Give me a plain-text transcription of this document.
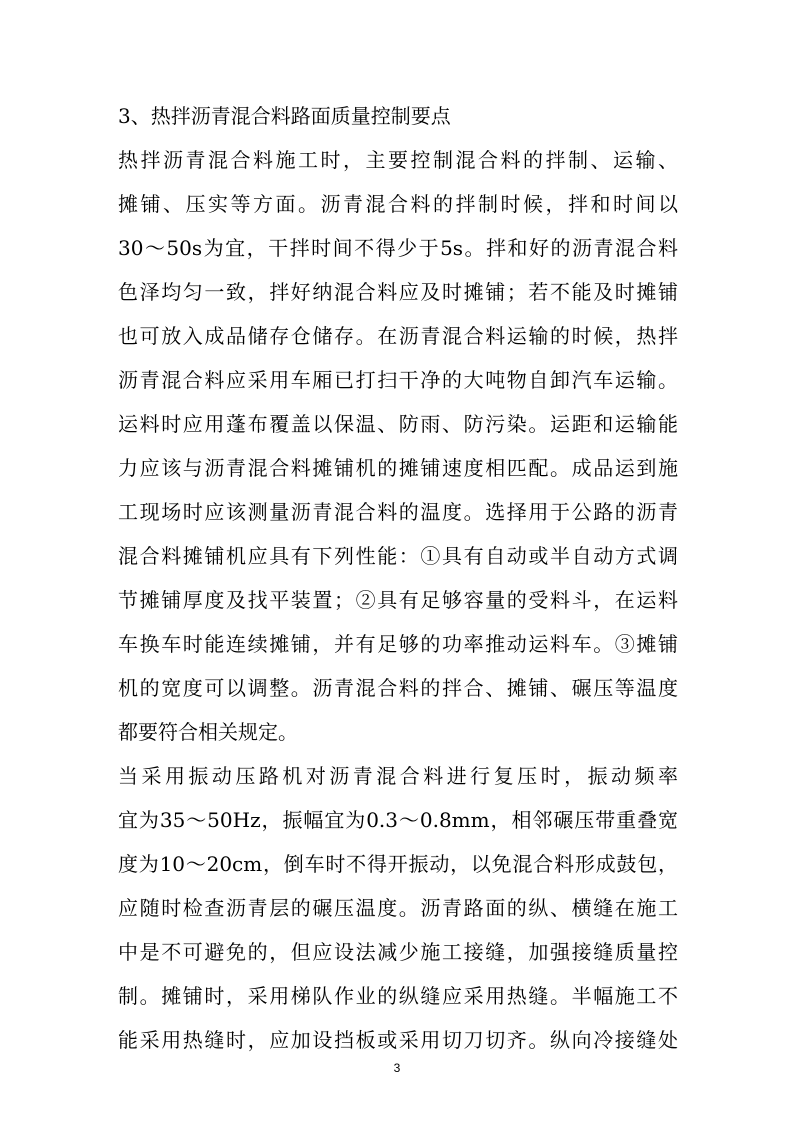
3、热拌沥青混合料路面质量控制要点
热拌沥青混合料施工时，主要控制混合料的拌制、运输、
摊铺、压实等方面。沥青混合料的拌制时候，拌和时间以
30～50s为宜，干拌时间不得少于5s。拌和好的沥青混合料
色泽均匀一致，拌好纳混合料应及时摊铺；若不能及时摊铺
也可放入成品储存仓储存。在沥青混合料运输的时候，热拌
沥青混合料应采用车厢已打扫干净的大吨物自卸汽车运输。
运料时应用蓬布覆盖以保温、防雨、防污染。运距和运输能
力应该与沥青混合料摊铺机的摊铺速度相匹配。成品运到施
工现场时应该测量沥青混合料的温度。选择用于公路的沥青
混合料摊铺机应具有下列性能：①具有自动或半自动方式调
节摊铺厚度及找平装置；②具有足够容量的受料斗，在运料
车换车时能连续摊铺，并有足够的功率推动运料车。③摊铺
机的宽度可以调整。沥青混合料的拌合、摊铺、碾压等温度
都要符合相关规定。
当采用振动压路机对沥青混合料进行复压时，振动频率
宜为35～50Hz，振幅宜为0.3～0.8mm，相邻碾压带重叠宽
度为10～20cm，倒车时不得开振动，以免混合料形成鼓包，
应随时检查沥青层的碾压温度。沥青路面的纵、横缝在施工
中是不可避免的，但应设法减少施工接缝，加强接缝质量控
制。摊铺时，采用梯队作业的纵缝应采用热缝。半幅施工不
能采用热缝时，应加设挡板或采用切刀切齐。纵向冷接缝处
3
